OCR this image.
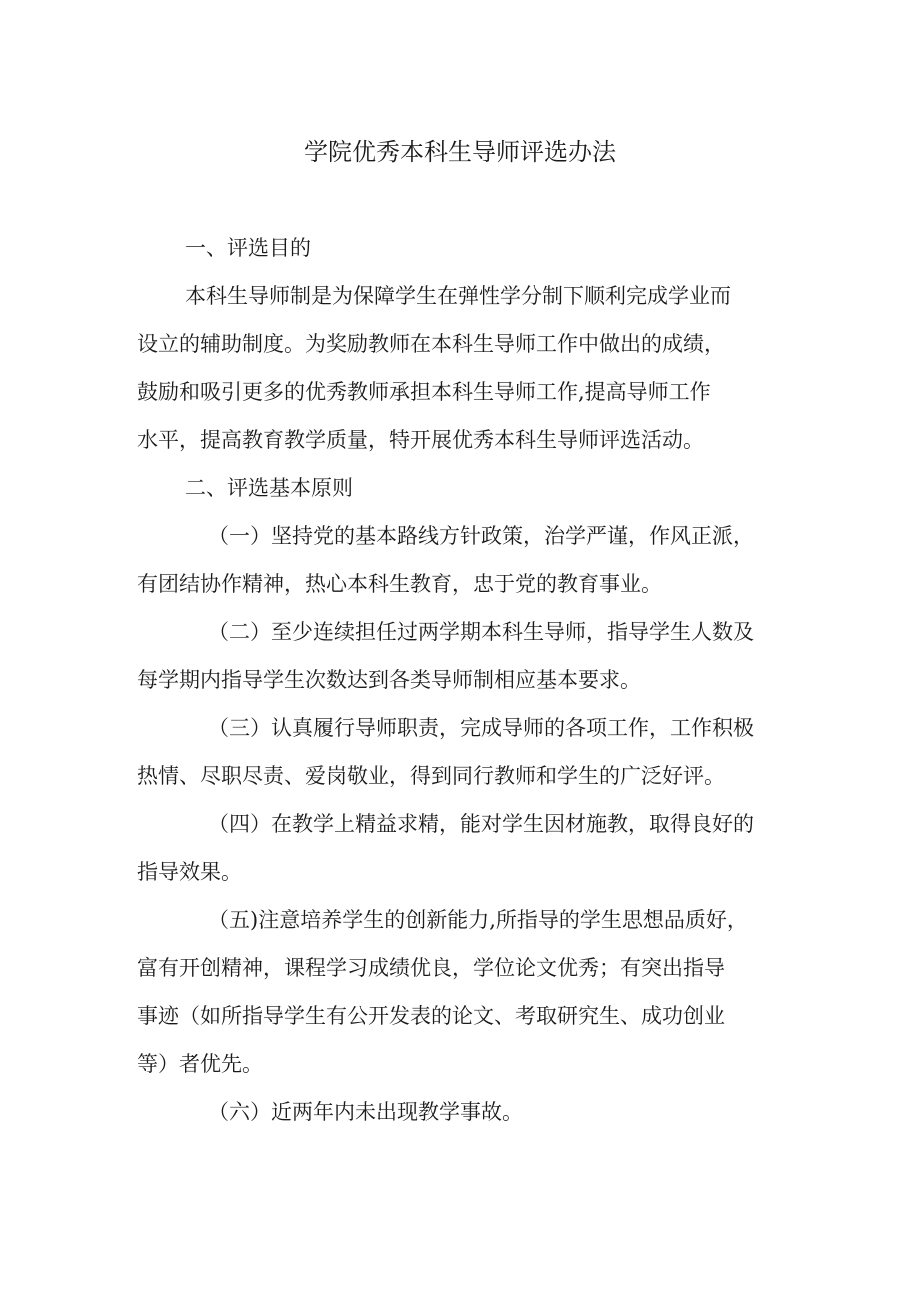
学院优秀本科生导师评选办法
一、评选目的
本科生导师制是为保障学生在弹性学分制下顺利完成学业而
设立的辅助制度。为奖励教师在本科生导师工作中做出的成绩，
鼓励和吸引更多的优秀教师承担本科生导师工作,提高导师工作
水平，提高教育教学质量，特开展优秀本科生导师评选活动。
二、评选基本原则
（一）坚持党的基本路线方针政策，治学严谨，作风正派，
有团结协作精神，热心本科生教育，忠于党的教育事业。
（二）至少连续担任过两学期本科生导师，指导学生人数及
每学期内指导学生次数达到各类导师制相应基本要求。
（三）认真履行导师职责，完成导师的各项工作，工作积极
热情、尽职尽责、爱岗敬业，得到同行教师和学生的广泛好评。
（四）在教学上精益求精，能对学生因材施教，取得良好的
指导效果。
（五)注意培养学生的创新能力,所指导的学生思想品质好，
富有开创精神，课程学习成绩优良，学位论文优秀；有突出指导
事迹（如所指导学生有公开发表的论文、考取研究生、成功创业
等）者优先。
（六）近两年内未出现教学事故。
